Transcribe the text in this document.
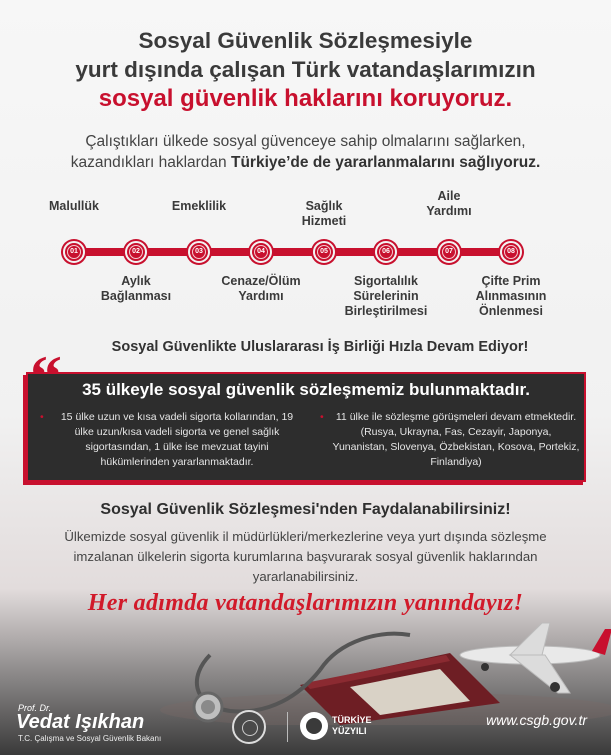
Sosyal Güvenlik Sözleşmesiyle
yurt dışında çalışan Türk vatandaşlarımızın
sosyal güvenlik haklarını koruyoruz.
Çalıştıkları ülkede sosyal güvenceye sahip olmalarını sağlarken,
kazandıkları haklardan Türkiye’de de yararlanmalarını sağlıyoruz.
01	02	03	04	05	06	07	08
Malullük
Aylık
Bağlanması
Emeklilik
Cenaze/Ölüm
Yardımı
Sağlık
Hizmeti
Sigortalılık
Sürelerinin
Birleştirilmesi
Aile
Yardımı
Çifte Prim
Alınmasının
Önlenmesi
Sosyal Güvenlikte Uluslararası İş Birliği Hızla Devam Ediyor!
35 ülkeyle sosyal güvenlik sözleşmemiz bulunmaktadır.
•	15 ülke uzun ve kısa vadeli sigorta kollarından, 19 ülke uzun/kısa vadeli sigorta ve genel sağlık sigortasından, 1 ülke ise mevzuat tayini hükümlerinden yararlanmaktadır.
•	11 ülke ile sözleşme görüşmeleri devam etmektedir. (Rusya, Ukrayna, Fas, Cezayir, Japonya, Yunanistan, Slovenya, Özbekistan, Kosova, Portekiz, Finlandiya)
Sosyal Güvenlik Sözleşmesi'nden Faydalanabilirsiniz!
Ülkemizde sosyal güvenlik il müdürlükleri/merkezlerine veya yurt dışında sözleşme imzalanan ülkelerin sigorta kurumlarına başvurarak sosyal güvenlik haklarından yararlanabilirsiniz.
Her adımda vatandaşlarımızın yanındayız!
Prof. Dr.
Vedat Işıkhan
T.C. Çalışma ve Sosyal Güvenlik Bakanı
TÜRKİYE
YÜZYILI
www.csgb.gov.tr
